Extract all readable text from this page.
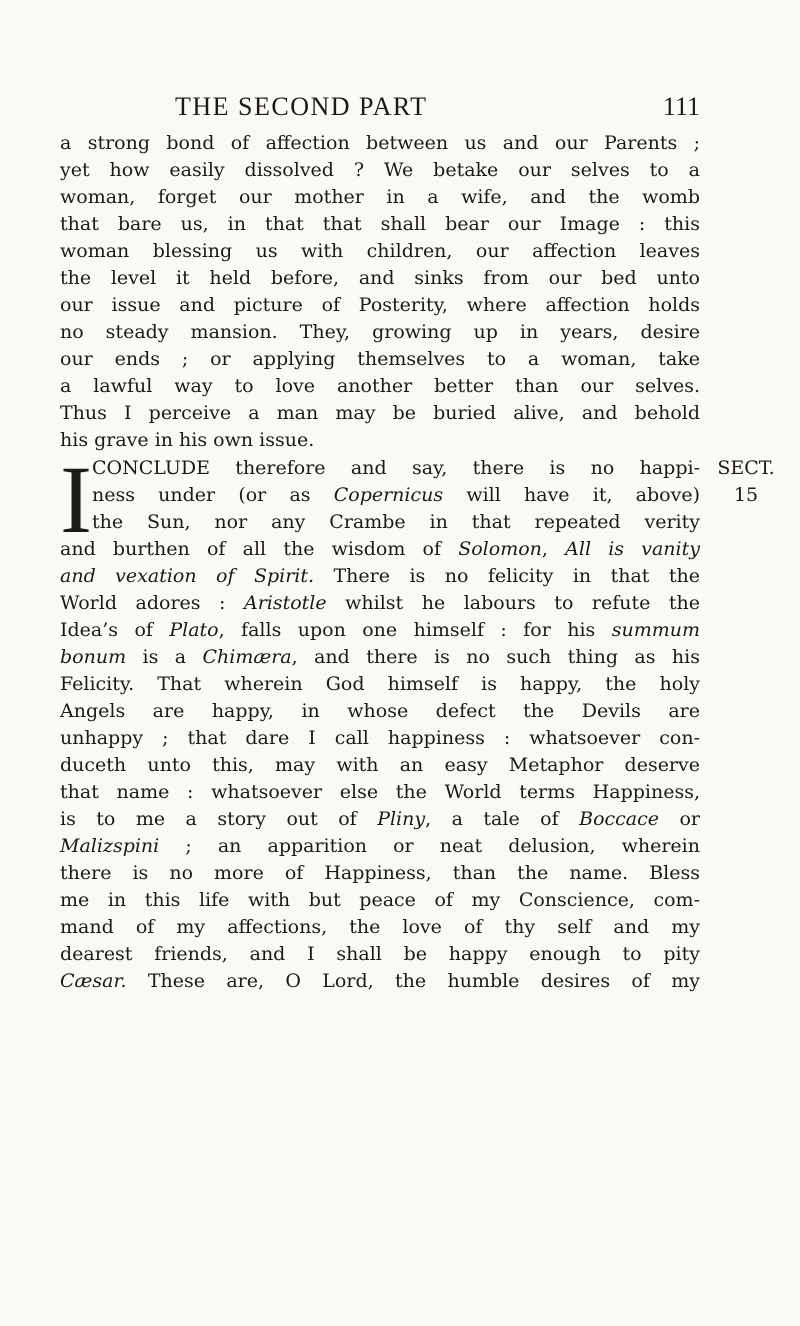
THE SECOND PART	111
a strong bond of affection between us and our Parents ;
yet how easily dissolved ? We betake our selves to a
woman, forget our mother in a wife, and the womb
that bare us, in that that shall bear our Image : this
woman blessing us with children, our affection leaves
the level it held before, and sinks from our bed unto
our issue and picture of Posterity, where affection holds
no steady mansion. They, growing up in years, desire
our ends ; or applying themselves to a woman, take
a lawful way to love another better than our selves.
Thus I perceive a man may be buried alive, and behold
his grave in his own issue.
I CONCLUDE therefore and say, there is no happi-
ness under (or as Copernicus will have it, above)
the Sun, nor any Crambe in that repeated verity
and burthen of all the wisdom of Solomon, All is vanity
and vexation of Spirit. There is no felicity in that the
World adores : Aristotle whilst he labours to refute the
Idea’s of Plato, falls upon one himself : for his summum
bonum is a Chimæra, and there is no such thing as his
Felicity. That wherein God himself is happy, the holy
Angels are happy, in whose defect the Devils are
unhappy ; that dare I call happiness : whatsoever con-
duceth unto this, may with an easy Metaphor deserve
that name : whatsoever else the World terms Happiness,
is to me a story out of Pliny, a tale of Boccace or
Malizspini ; an apparition or neat delusion, wherein
there is no more of Happiness, than the name. Bless
me in this life with but peace of my Conscience, com-
mand of my affections, the love of thy self and my
dearest friends, and I shall be happy enough to pity
Cæsar. These are, O Lord, the humble desires of my
SECT.
15
